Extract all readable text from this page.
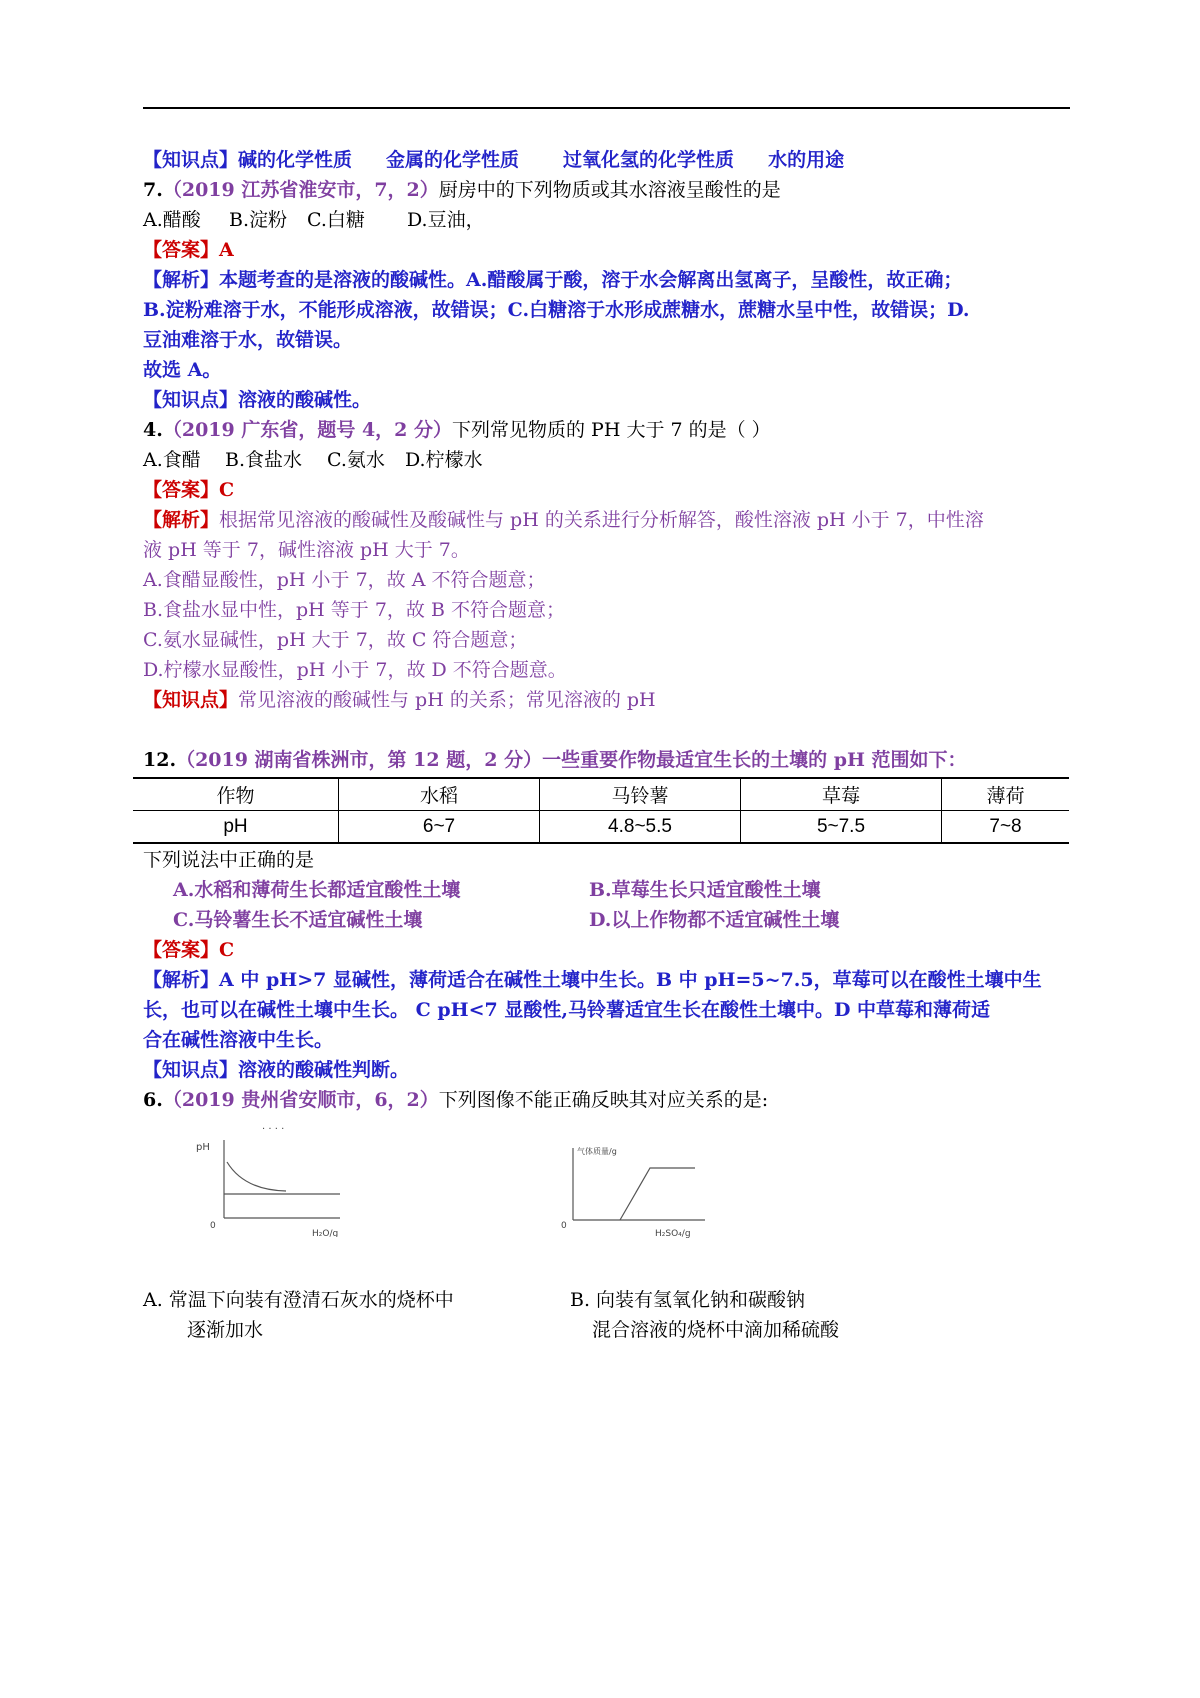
【知识点】碱的化学性质 金属的化学性质 过氧化氢的化学性质 水的用途
7.（2019 江苏省淮安市，7，2）厨房中的下列物质或其水溶液呈酸性的是
A.醋酸 B.淀粉 C.白糖 D.豆油，
【答案】A
【解析】本题考查的是溶液的酸碱性。A.醋酸属于酸，溶于水会解离出氢离子，呈酸性，故正确；
B.淀粉难溶于水，不能形成溶液，故错误；C.白糖溶于水形成蔗糖水，蔗糖水呈中性，故错误；D.
豆油难溶于水，故错误。
故选 A。
【知识点】溶液的酸碱性。
4.（2019 广东省，题号 4，2 分）下列常见物质的 PH 大于 7 的是（ ）
A.食醋 B.食盐水 C.氨水 D.柠檬水
【答案】C
【解析】根据常见溶液的酸碱性及酸碱性与 pH 的关系进行分析解答，酸性溶液 pH 小于 7，中性溶
液 pH 等于 7，碱性溶液 pH 大于 7。
A.食醋显酸性，pH 小于 7，故 A 不符合题意；
B.食盐水显中性，pH 等于 7，故 B 不符合题意；
C.氨水显碱性，pH 大于 7，故 C 符合题意；
D.柠檬水显酸性，pH 小于 7，故 D 不符合题意。
【知识点】常见溶液的酸碱性与 pH 的关系；常见溶液的 pH
12.（2019 湖南省株洲市，第 12 题，2 分）一些重要作物最适宜生长的土壤的 pH 范围如下：
作物	水稻	马铃薯	草莓	薄荷
pH	6~7	4.8~5.5	5~7.5	7~8
下列说法中正确的是
A.水稻和薄荷生长都适宜酸性土壤	B.草莓生长只适宜酸性土壤
C.马铃薯生长不适宜碱性土壤	D.以上作物都不适宜碱性土壤
【答案】C
【解析】A 中 pH>7 显碱性，薄荷适合在碱性土壤中生长。B 中 pH=5~7.5，草莓可以在酸性土壤中生
长，也可以在碱性土壤中生长。 C pH<7 显酸性,马铃薯适宜生长在酸性土壤中。D 中草莓和薄荷适
合在碱性溶液中生长。
【知识点】溶液的酸碱性判断。
6.（2019 贵州省安顺市，6，2）下列图像不能正确反映其对应关系的是:
· · · ·
pH
0
H₂O/g
气体质量/g
0
H₂SO₄/g
A. 常温下向装有澄清石灰水的烧杯中
逐渐加水
B. 向装有氢氧化钠和碳酸钠
混合溶液的烧杯中滴加稀硫酸
